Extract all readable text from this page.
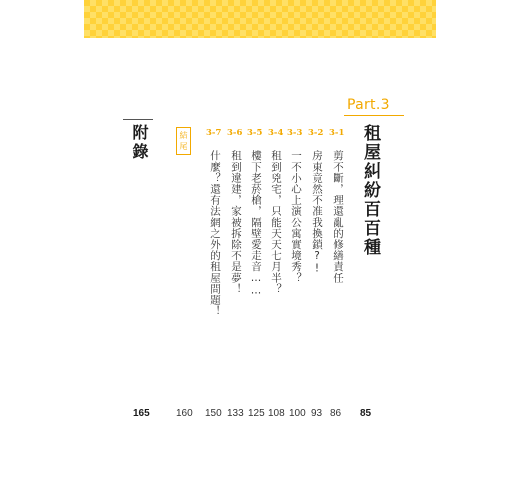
Part.3
租屋糾紛百百種
3-1
3-2
3-3
3-4
3-5
3-6
3-7
剪不斷，理還亂的修繕責任
房東竟然不准我換鎖?!
一不小心上演公寓實境秀？
租到兇宅，只能天天七月半？
樓下老菸槍，隔壁愛走音……
租到違建，家被拆除不是夢！
什麼？還有法網之外的租屋問題！
結
尾
附錄
85
86
93
100
108
125
133
150
160
165
